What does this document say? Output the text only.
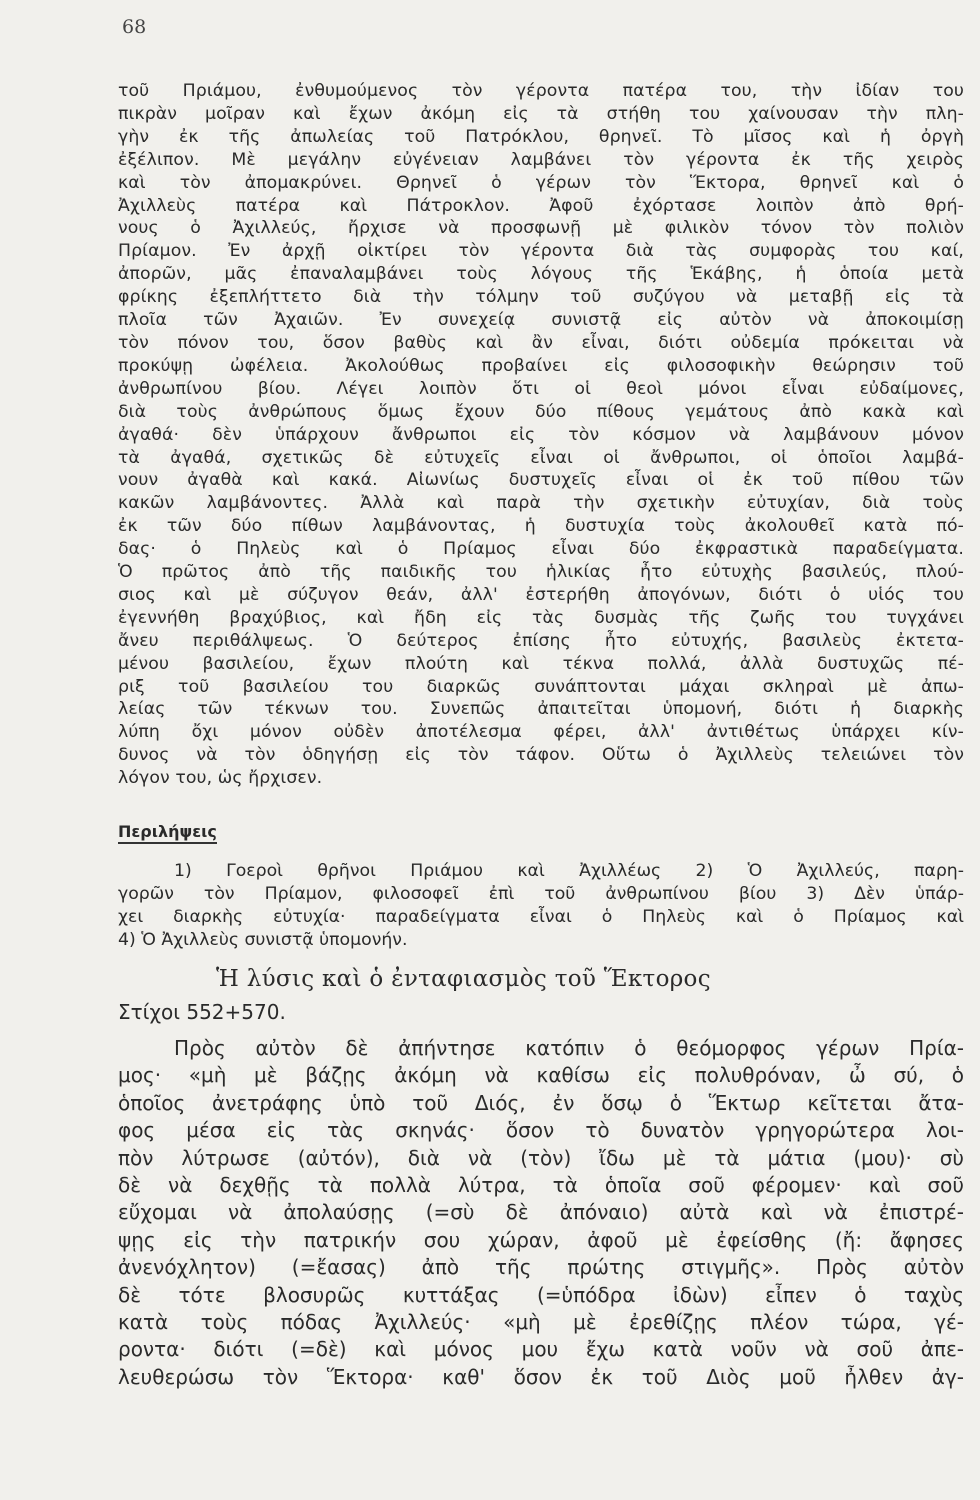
68
τοῦ Πριάμου, ἐνθυμούμενος τὸν γέροντα πατέρα του, τὴν ἰδίαν του
πικρὰν μοῖραν καὶ ἔχων ἀκόμη εἰς τὰ στήθη του χαίνουσαν τὴν πλη-
γὴν ἐκ τῆς ἀπωλείας τοῦ Πατρόκλου, θρηνεῖ. Τὸ μῖσος καὶ ἡ ὀργὴ
ἐξέλιπον. Μὲ μεγάλην εὐγένειαν λαμβάνει τὸν γέροντα ἐκ τῆς χειρὸς
καὶ τὸν ἀπομακρύνει. Θρηνεῖ ὁ γέρων τὸν Ἕκτορα, θρηνεῖ καὶ ὁ
Ἀχιλλεὺς πατέρα καὶ Πάτροκλον. Ἀφοῦ ἐχόρτασε λοιπὸν ἀπὸ θρή-
νους ὁ Ἀχιλλεύς, ἤρχισε νὰ προσφωνῇ μὲ φιλικὸν τόνον τὸν πολιὸν
Πρίαμον. Ἐν ἀρχῇ οἰκτίρει τὸν γέροντα διὰ τὰς συμφορὰς του καί,
ἀπορῶν, μᾶς ἐπαναλαμβάνει τοὺς λόγους τῆς Ἑκάβης, ἡ ὁποία μετὰ
φρίκης ἐξεπλήττετο διὰ τὴν τόλμην τοῦ συζύγου νὰ μεταβῇ εἰς τὰ
πλοῖα τῶν Ἀχαιῶν. Ἐν συνεχείᾳ συνιστᾷ εἰς αὐτὸν νὰ ἀποκοιμίσῃ
τὸν πόνον του, ὅσον βαθὺς καὶ ἂν εἶναι, διότι οὐδεμία πρόκειται νὰ
προκύψῃ ὠφέλεια. Ἀκολούθως προβαίνει εἰς φιλοσοφικὴν θεώρησιν τοῦ
ἀνθρωπίνου βίου. Λέγει λοιπὸν ὅτι οἱ θεοὶ μόνοι εἶναι εὐδαίμονες,
διὰ τοὺς ἀνθρώπους ὅμως ἔχουν δύο πίθους γεμάτους ἀπὸ κακὰ καὶ
ἀγαθά· δὲν ὑπάρχουν ἄνθρωποι εἰς τὸν κόσμον νὰ λαμβάνουν μόνον
τὰ ἀγαθά, σχετικῶς δὲ εὐτυχεῖς εἶναι οἱ ἄνθρωποι, οἱ ὁποῖοι λαμβά-
νουν ἀγαθὰ καὶ κακά. Αἰωνίως δυστυχεῖς εἶναι οἱ ἐκ τοῦ πίθου τῶν
κακῶν λαμβάνοντες. Ἀλλὰ καὶ παρὰ τὴν σχετικὴν εὐτυχίαν, διὰ τοὺς
ἐκ τῶν δύο πίθων λαμβάνοντας, ἡ δυστυχία τοὺς ἀκολουθεῖ κατὰ πό-
δας· ὁ Πηλεὺς καὶ ὁ Πρίαμος εἶναι δύο ἐκφραστικὰ παραδείγματα.
Ὁ πρῶτος ἀπὸ τῆς παιδικῆς του ἡλικίας ἦτο εὐτυχὴς βασιλεύς, πλού-
σιος καὶ μὲ σύζυγον θεάν, ἀλλ' ἐστερήθη ἀπογόνων, διότι ὁ υἱός του
ἐγεννήθη βραχύβιος, καὶ ἤδη εἰς τὰς δυσμὰς τῆς ζωῆς του τυγχάνει
ἄνευ περιθάλψεως. Ὁ δεύτερος ἐπίσης ἦτο εὐτυχής, βασιλεὺς ἐκτετα-
μένου βασιλείου, ἔχων πλούτη καὶ τέκνα πολλά, ἀλλὰ δυστυχῶς πέ-
ριξ τοῦ βασιλείου του διαρκῶς συνάπτονται μάχαι σκληραὶ μὲ ἀπω-
λείας τῶν τέκνων του. Συνεπῶς ἀπαιτεῖται ὑπομονή, διότι ἡ διαρκὴς
λύπη ὄχι μόνον οὐδὲν ἀποτέλεσμα φέρει, ἀλλ' ἀντιθέτως ὑπάρχει κίν-
δυνος νὰ τὸν ὁδηγήσῃ εἰς τὸν τάφον. Οὕτω ὁ Ἀχιλλεὺς τελειώνει τὸν
λόγον του, ὡς ἤρχισεν.
Περιλήψεις
1) Γοεροὶ θρῆνοι Πριάμου καὶ Ἀχιλλέως 2) Ὁ Ἀχιλλεύς, παρη-
γορῶν τὸν Πρίαμον, φιλοσοφεῖ ἐπὶ τοῦ ἀνθρωπίνου βίου 3) Δὲν ὑπάρ-
χει διαρκὴς εὐτυχία· παραδείγματα εἶναι ὁ Πηλεὺς καὶ ὁ Πρίαμος καὶ
4) Ὁ Ἀχιλλεὺς συνιστᾷ ὑπομονήν.
Ἡ λύσις καὶ ὁ ἐνταφιασμὸς τοῦ Ἕκτορος
Στίχοι 552+570.
Πρὸς αὐτὸν δὲ ἀπήντησε κατόπιν ὁ θεόμορφος γέρων Πρία-
μος· «μὴ μὲ βάζῃς ἀκόμη νὰ καθίσω εἰς πολυθρόναν, ὦ σύ, ὁ
ὁποῖος ἀνετράφης ὑπὸ τοῦ Διός, ἐν ὅσῳ ὁ Ἕκτωρ κεῖτεται ἄτα-
φος μέσα εἰς τὰς σκηνάς· ὅσον τὸ δυνατὸν γρηγορώτερα λοι-
πὸν λύτρωσε (αὐτόν), διὰ νὰ (τὸν) ἴδω μὲ τὰ μάτια (μου)· σὺ
δὲ νὰ δεχθῇς τὰ πολλὰ λύτρα, τὰ ὁποῖα σοῦ φέρομεν· καὶ σοῦ
εὔχομαι νὰ ἀπολαύσῃς (=σὺ δὲ ἀπόναιο) αὐτὰ καὶ νὰ ἐπιστρέ-
ψῃς εἰς τὴν πατρικήν σου χώραν, ἀφοῦ μὲ ἐφείσθης (ἤ: ἄφησες
ἀνενόχλητον) (=ἔασας) ἀπὸ τῆς πρώτης στιγμῆς». Πρὸς αὐτὸν
δὲ τότε βλοσυρῶς κυττάξας (=ὑπόδρα ἰδὼν) εἶπεν ὁ ταχὺς
κατὰ τοὺς πόδας Ἀχιλλεύς· «μὴ μὲ ἐρεθίζῃς πλέον τώρα, γέ-
ροντα· διότι (=δὲ) καὶ μόνος μου ἔχω κατὰ νοῦν νὰ σοῦ ἀπε-
λευθερώσω τὸν Ἕκτορα· καθ' ὅσον ἐκ τοῦ Διὸς μοῦ ἦλθεν ἀγ-
